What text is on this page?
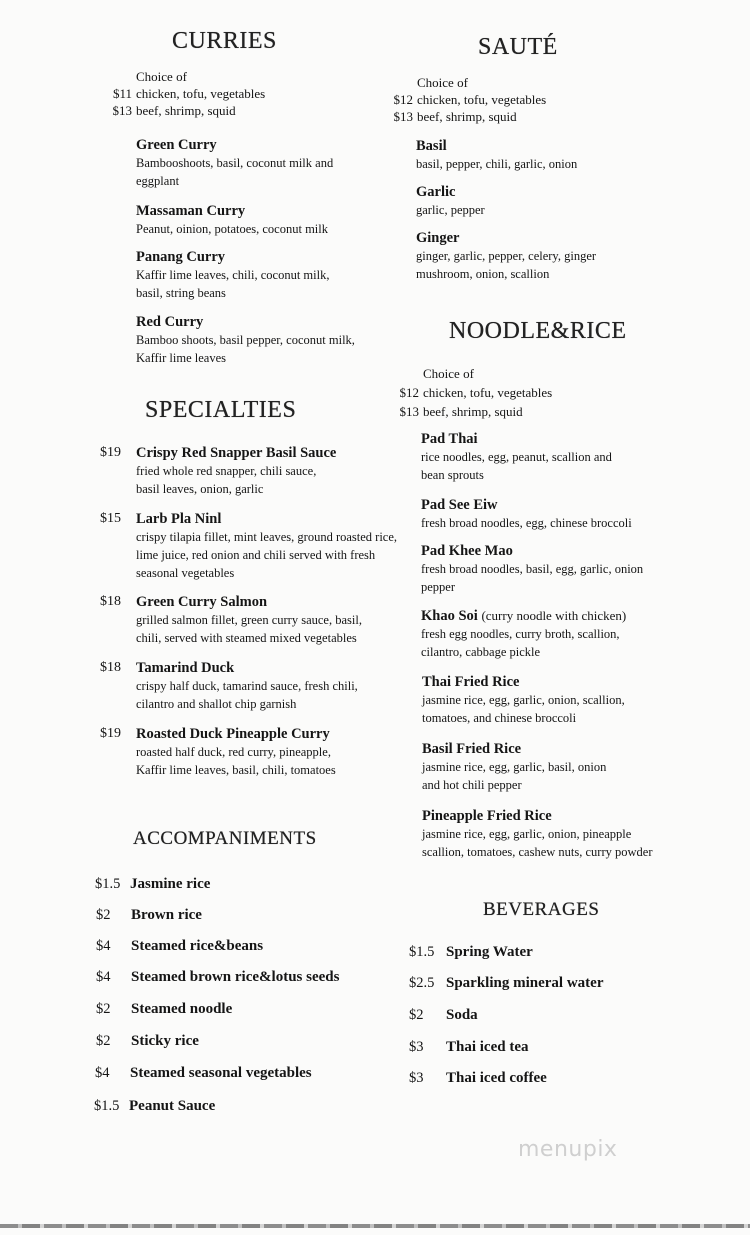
CURRIES
Choice of
$11 chicken, tofu, vegetables
$13 beef, shrimp, squid
Green Curry
Bambooshoots, basil, coconut milk and
eggplant
Massaman Curry
Peanut, oinion, potatoes, coconut milk
Panang Curry
Kaffir lime leaves, chili, coconut milk,
basil, string beans
Red Curry
Bamboo shoots, basil pepper, coconut milk,
Kaffir lime leaves
SPECIALTIES
$19	Crispy Red Snapper Basil Sauce
fried whole red snapper, chili sauce,
basil leaves, onion, garlic
$15	Larb Pla Ninl
crispy tilapia fillet, mint leaves, ground roasted rice,
lime juice, red onion and chili served with fresh
seasonal vegetables
$18	Green Curry Salmon
grilled salmon fillet, green curry sauce, basil,
chili, served with steamed mixed vegetables
$18	Tamarind Duck
crispy half duck, tamarind sauce, fresh chili,
cilantro and shallot chip garnish
$19	Roasted Duck Pineapple Curry
roasted half duck, red curry, pineapple,
Kaffir lime leaves, basil, chili, tomatoes
ACCOMPANIMENTS
$1.5 Jasmine rice
$2 Brown rice
$4 Steamed rice&beans
$4 Steamed brown rice&lotus seeds
$2 Steamed noodle
$2 Sticky rice
$4 Steamed seasonal vegetables
$1.5 Peanut Sauce
SAUTÉ
Choice of
$12 chicken, tofu, vegetables
$13 beef, shrimp, squid
Basil
basil, pepper, chili, garlic, onion
Garlic
garlic, pepper
Ginger
ginger, garlic, pepper, celery, ginger
mushroom, onion, scallion
NOODLE&RICE
Choice of
$12 chicken, tofu, vegetables
$13 beef, shrimp, squid
Pad Thai
rice noodles, egg, peanut, scallion and
bean sprouts
Pad See Eiw
fresh broad noodles, egg, chinese broccoli
Pad Khee Mao
fresh broad noodles, basil, egg, garlic, onion
pepper
Khao Soi (curry noodle with chicken)
fresh egg noodles, curry broth, scallion,
cilantro, cabbage pickle
Thai Fried Rice
jasmine rice, egg, garlic, onion, scallion,
tomatoes, and chinese broccoli
Basil Fried Rice
jasmine rice, egg, garlic, basil, onion
and hot chili pepper
Pineapple Fried Rice
jasmine rice, egg, garlic, onion, pineapple
scallion, tomatoes, cashew nuts, curry powder
BEVERAGES
$1.5 Spring Water
$2.5 Sparkling mineral water
$2 Soda
$3 Thai iced tea
$3 Thai iced coffee
menupix
